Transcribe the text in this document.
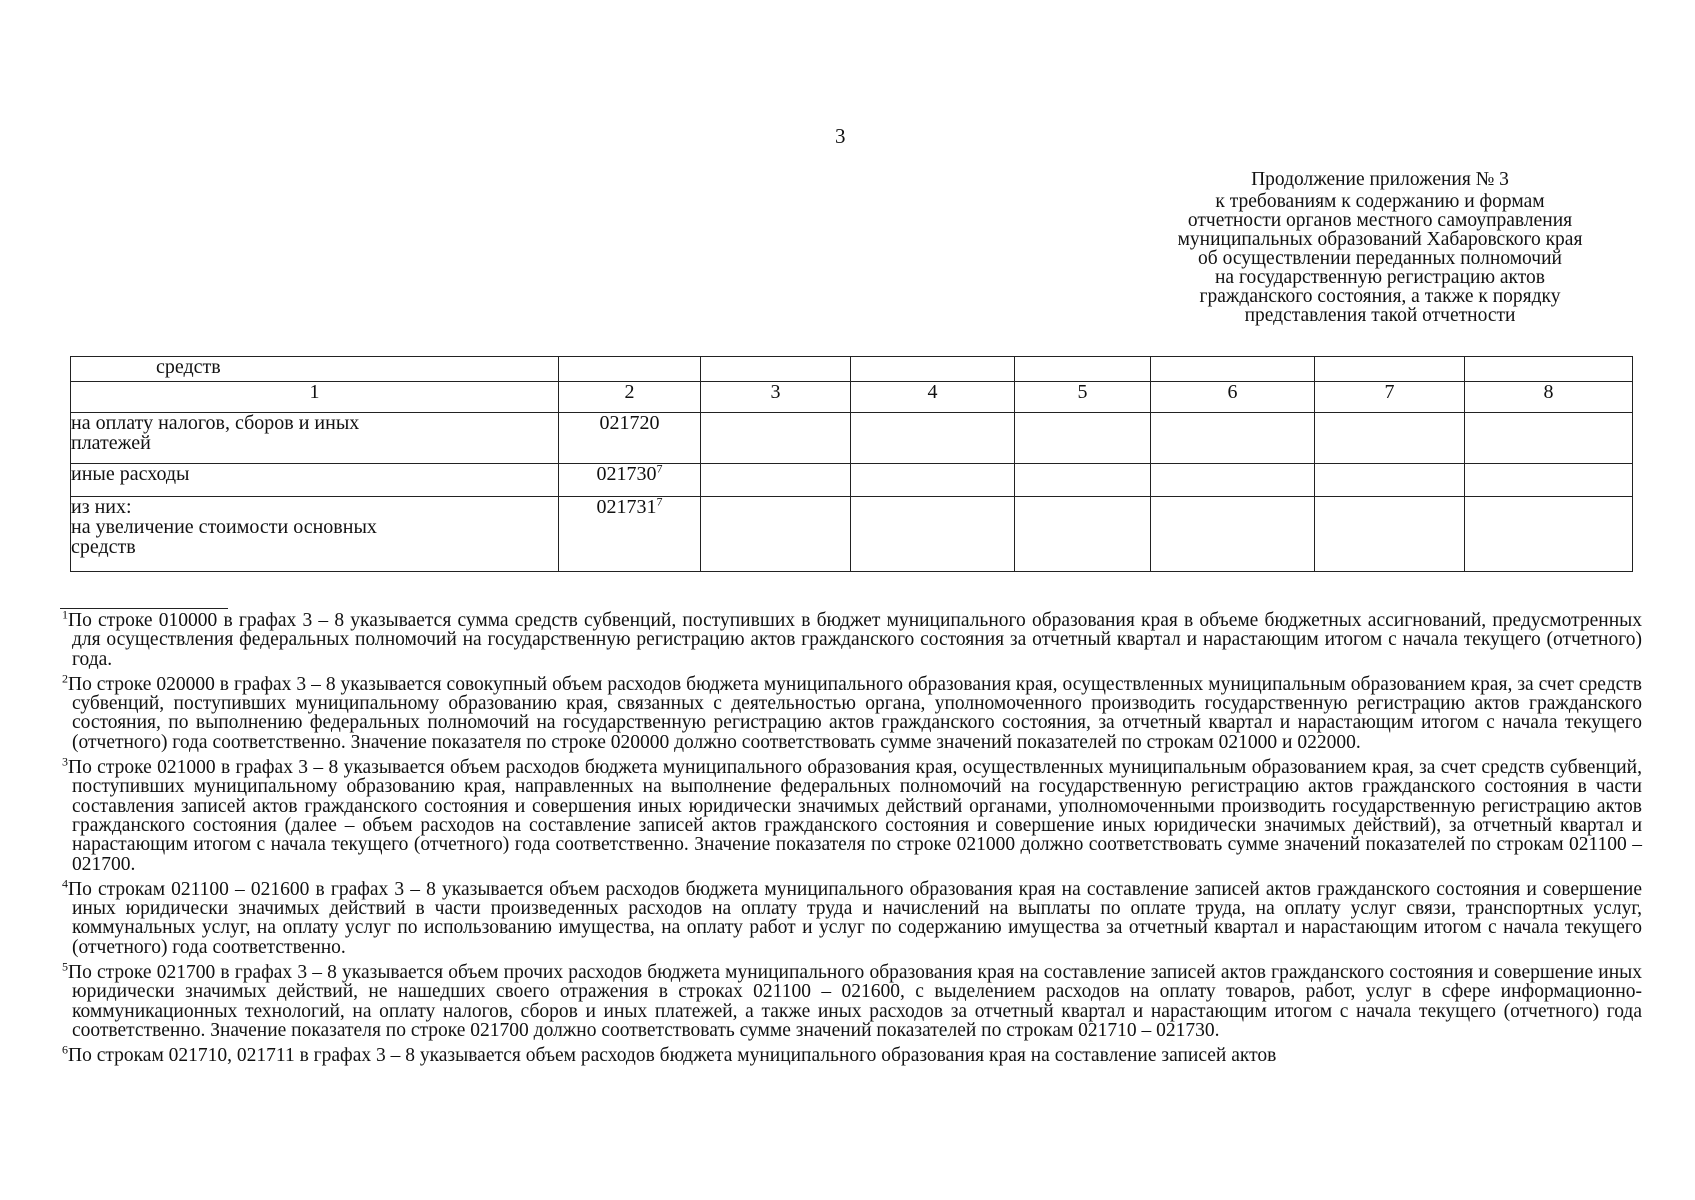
3
Продолжение приложения № 3
к требованиям к содержанию и формам
отчетности органов местного самоуправления
муниципальных образований Хабаровского края
об осуществлении переданных полномочий
на государственную регистрацию актов
гражданского состояния, а также к порядку
представления такой отчетности
средств							
1	2	3	4	5	6	7	8

на оплату налогов, сборов и иных
платежей	021720						

иные расходы	021730$^7$						

из них:
на увеличение стоимости основных
средств	021731$^7$						

$^1$По строке 010000 в графах 3 – 8 указывается сумма средств субвенций, поступивших в бюджет муниципального образования края в объеме бюджетных ассигнований, предусмотренных для осуществления федеральных полномочий на государственную регистрацию актов гражданского состояния за отчетный квартал и нарастающим итогом с начала текущего (отчетного) года.

$^2$По строке 020000 в графах 3 – 8 указывается совокупный объем расходов бюджета муниципального образования края, осуществленных муниципальным образованием края, за счет средств субвенций, поступивших муниципальному образованию края, связанных с деятельностью органа, уполномоченного производить государственную регистрацию актов гражданского состояния, по выполнению федеральных полномочий на государственную регистрацию актов гражданского состояния, за отчетный квартал и нарастающим итогом с начала текущего (отчетного) года соответственно. Значение показателя по строке 020000 должно соответствовать сумме значений показателей по строкам 021000 и 022000.

$^3$По строке 021000 в графах 3 – 8 указывается объем расходов бюджета муниципального образования края, осуществленных муниципальным образованием края, за счет средств субвенций, поступивших муниципальному образованию края, направленных на выполнение федеральных полномочий на государственную регистрацию актов гражданского состояния в части составления записей актов гражданского состояния и совершения иных юридически значимых действий органами, уполномоченными производить государственную регистрацию актов гражданского состояния (далее – объем расходов на составление записей актов гражданского состояния и совершение иных юридически значимых действий), за отчетный квартал и нарастающим итогом с начала текущего (отчетного) года соответственно. Значение показателя по строке 021000 должно соответствовать сумме значений показателей по строкам 021100 – 021700.

$^4$По строкам 021100 – 021600 в графах 3 – 8 указывается объем расходов бюджета муниципального образования края на составление записей актов гражданского состояния и совершение иных юридически значимых действий в части произведенных расходов на оплату труда и начислений на выплаты по оплате труда, на оплату услуг связи, транспортных услуг, коммунальных услуг, на оплату услуг по использованию имущества, на оплату работ и услуг по содержанию имущества за отчетный квартал и нарастающим итогом с начала текущего (отчетного) года соответственно.

$^5$По строке 021700 в графах 3 – 8 указывается объем прочих расходов бюджета муниципального образования края на составление записей актов гражданского состояния и совершение иных юридически значимых действий, не нашедших своего отражения в строках 021100 – 021600, с выделением расходов на оплату товаров, работ, услуг в сфере информационно-коммуникационных технологий, на оплату налогов, сборов и иных платежей, а также иных расходов за отчетный квартал и нарастающим итогом с начала текущего (отчетного) года соответственно. Значение показателя по строке 021700 должно соответствовать сумме значений показателей по строкам 021710 – 021730.

$^6$По строкам 021710, 021711 в графах 3 – 8 указывается объем расходов бюджета муниципального образования края на составление записей актов
